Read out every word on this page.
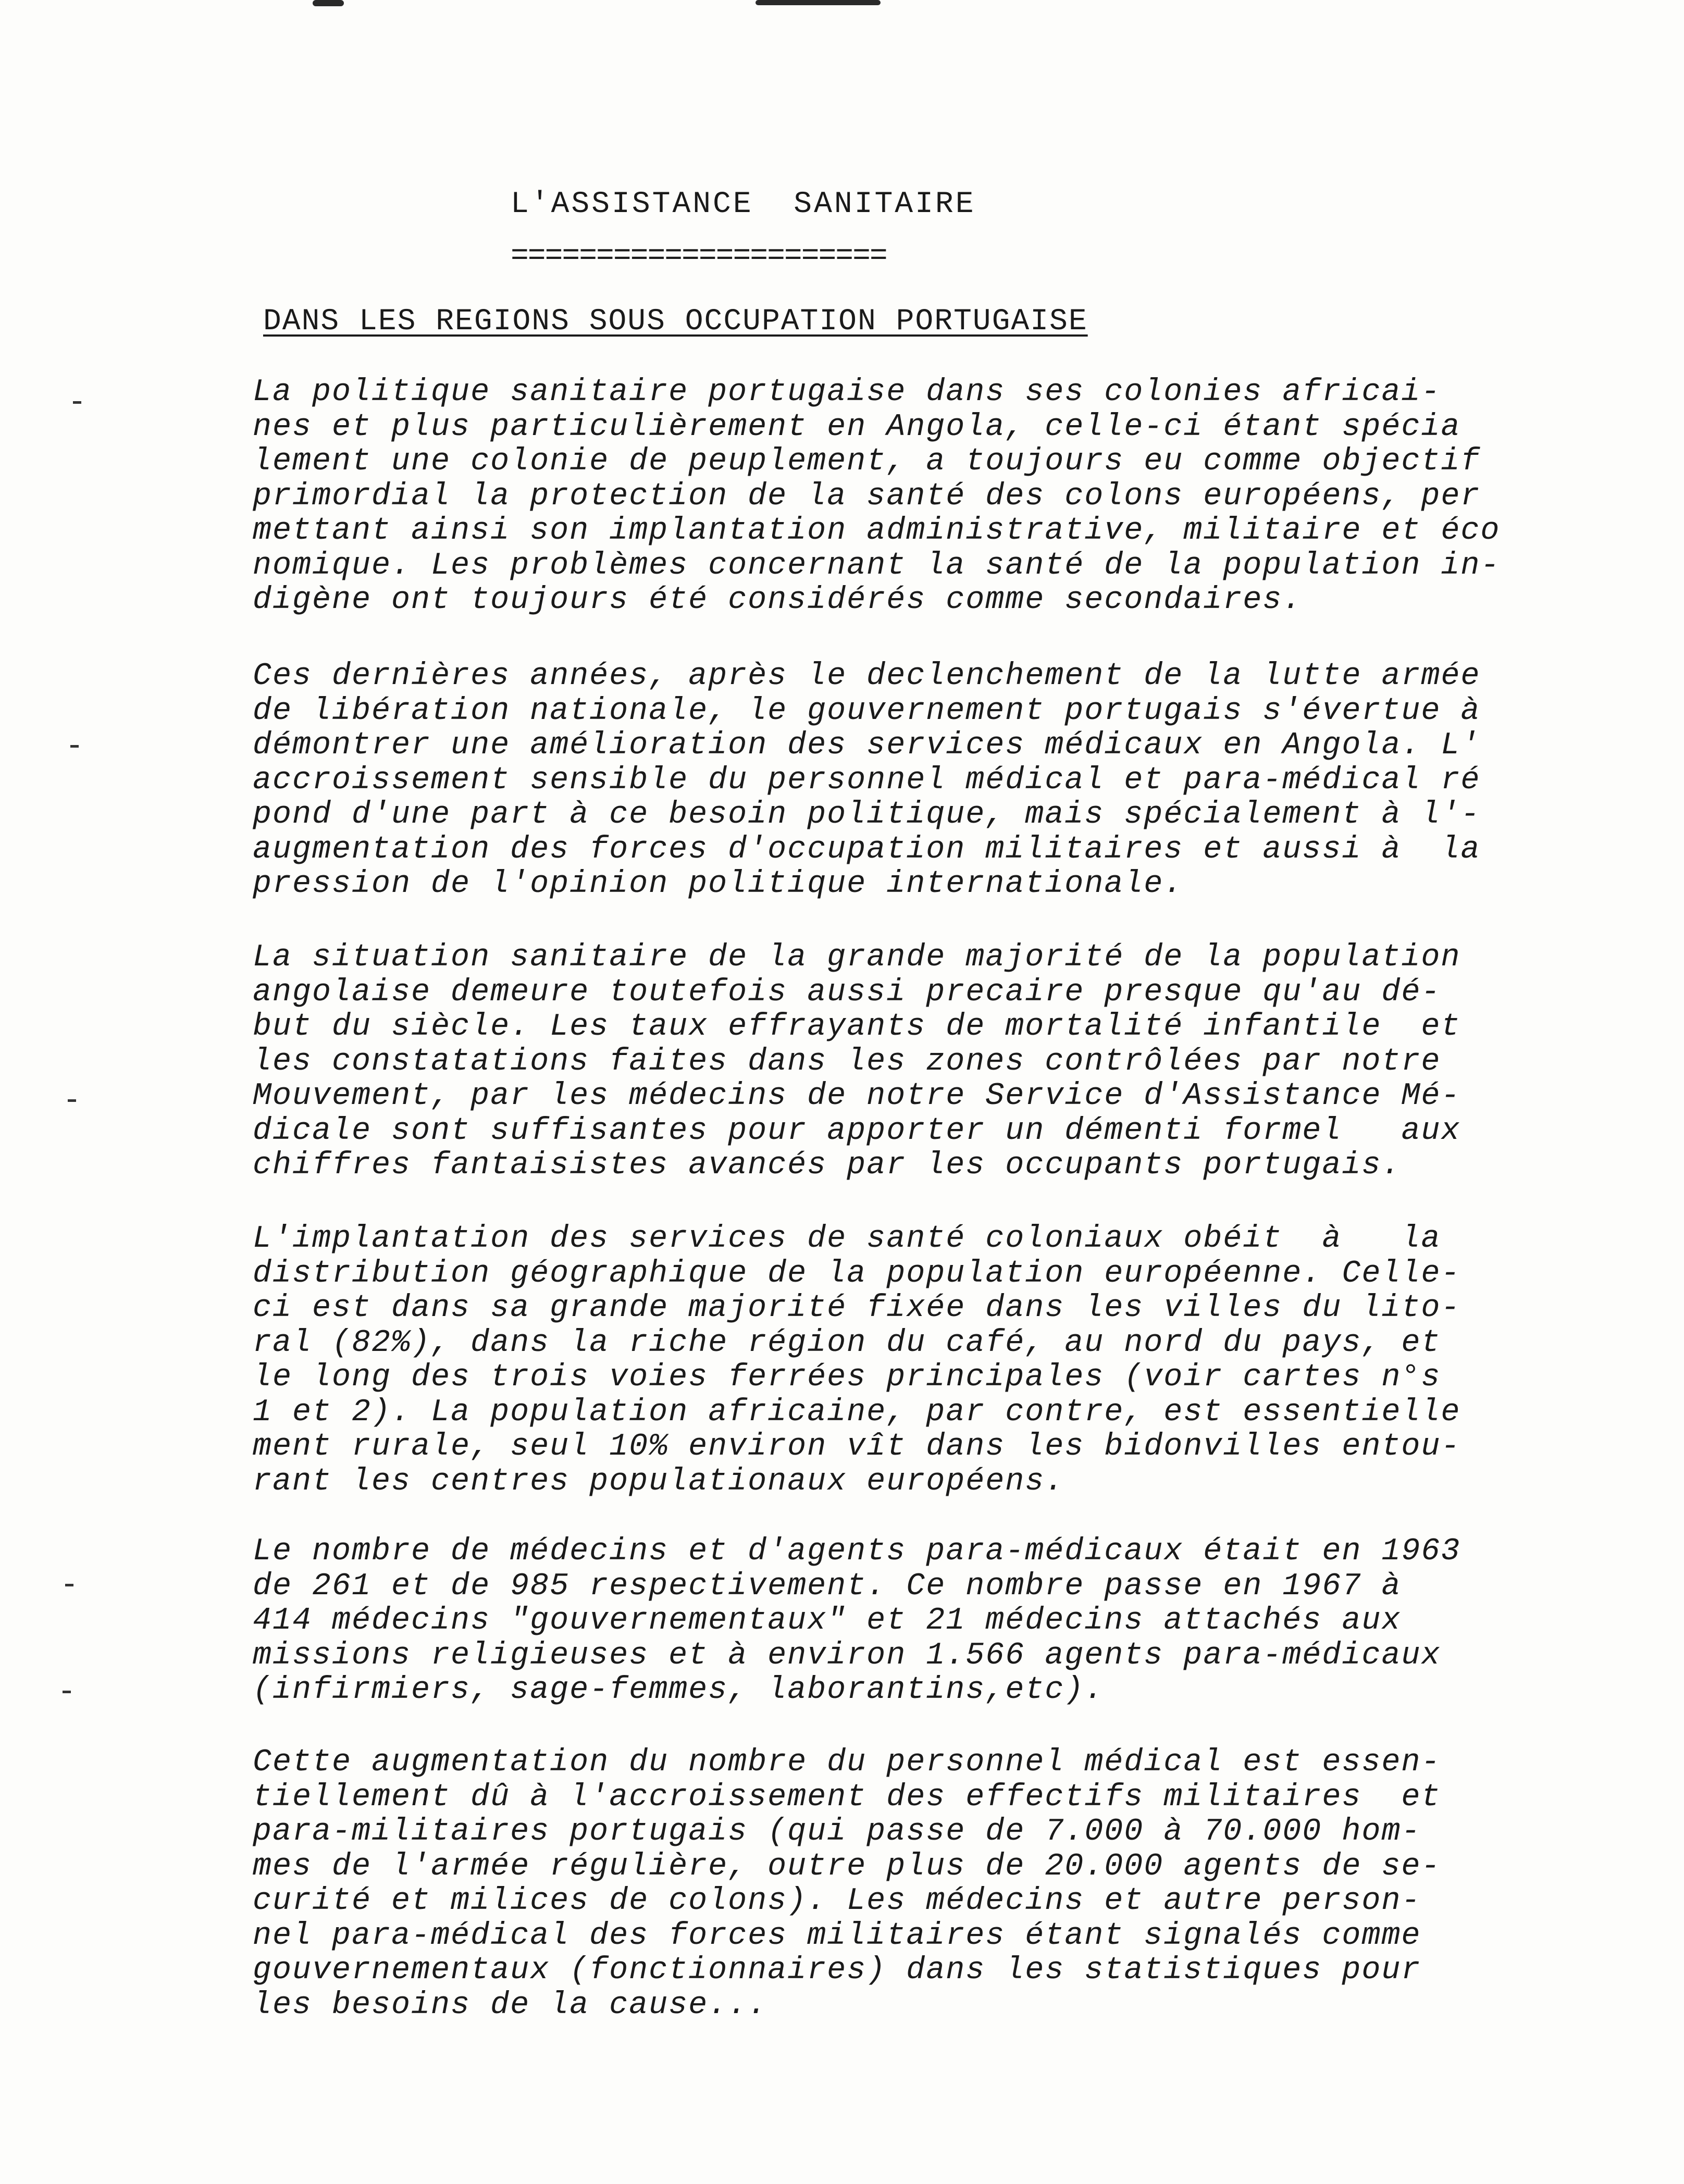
L'ASSISTANCE  SANITAIRE
======================
DANS LES REGIONS SOUS OCCUPATION PORTUGAISE
La politique sanitaire portugaise dans ses colonies africai-
nes et plus particulièrement en Angola, celle-ci étant spécia
lement une colonie de peuplement, a toujours eu comme objectif
primordial la protection de la santé des colons européens, per
mettant ainsi son implantation administrative, militaire et éco
nomique. Les problèmes concernant la santé de la population in-
digène ont toujours été considérés comme secondaires.
Ces dernières années, après le declenchement de la lutte armée
de libération nationale, le gouvernement portugais s'évertue à
démontrer une amélioration des services médicaux en Angola. L'
accroissement sensible du personnel médical et para-médical ré
pond d'une part à ce besoin politique, mais spécialement à l'-
augmentation des forces d'occupation militaires et aussi à  la
pression de l'opinion politique internationale.
La situation sanitaire de la grande majorité de la population
angolaise demeure toutefois aussi precaire presque qu'au dé-
but du siècle. Les taux effrayants de mortalité infantile  et
les constatations faites dans les zones contrôlées par notre
Mouvement, par les médecins de notre Service d'Assistance Mé-
dicale sont suffisantes pour apporter un démenti formel   aux
chiffres fantaisistes avancés par les occupants portugais.
L'implantation des services de santé coloniaux obéit  à   la
distribution géographique de la population européenne. Celle-
ci est dans sa grande majorité fixée dans les villes du lito-
ral (82%), dans la riche région du café, au nord du pays, et
le long des trois voies ferrées principales (voir cartes n°s
1 et 2). La population africaine, par contre, est essentielle
ment rurale, seul 10% environ vît dans les bidonvilles entou-
rant les centres populationaux européens.
Le nombre de médecins et d'agents para-médicaux était en 1963
de 261 et de 985 respectivement. Ce nombre passe en 1967 à
414 médecins "gouvernementaux" et 21 médecins attachés aux
missions religieuses et à environ 1.566 agents para-médicaux
(infirmiers, sage-femmes, laborantins,etc).
Cette augmentation du nombre du personnel médical est essen-
tiellement dû à l'accroissement des effectifs militaires  et
para-militaires portugais (qui passe de 7.000 à 70.000 hom-
mes de l'armée régulière, outre plus de 20.000 agents de se-
curité et milices de colons). Les médecins et autre person-
nel para-médical des forces militaires étant signalés comme
gouvernementaux (fonctionnaires) dans les statistiques pour
les besoins de la cause...
